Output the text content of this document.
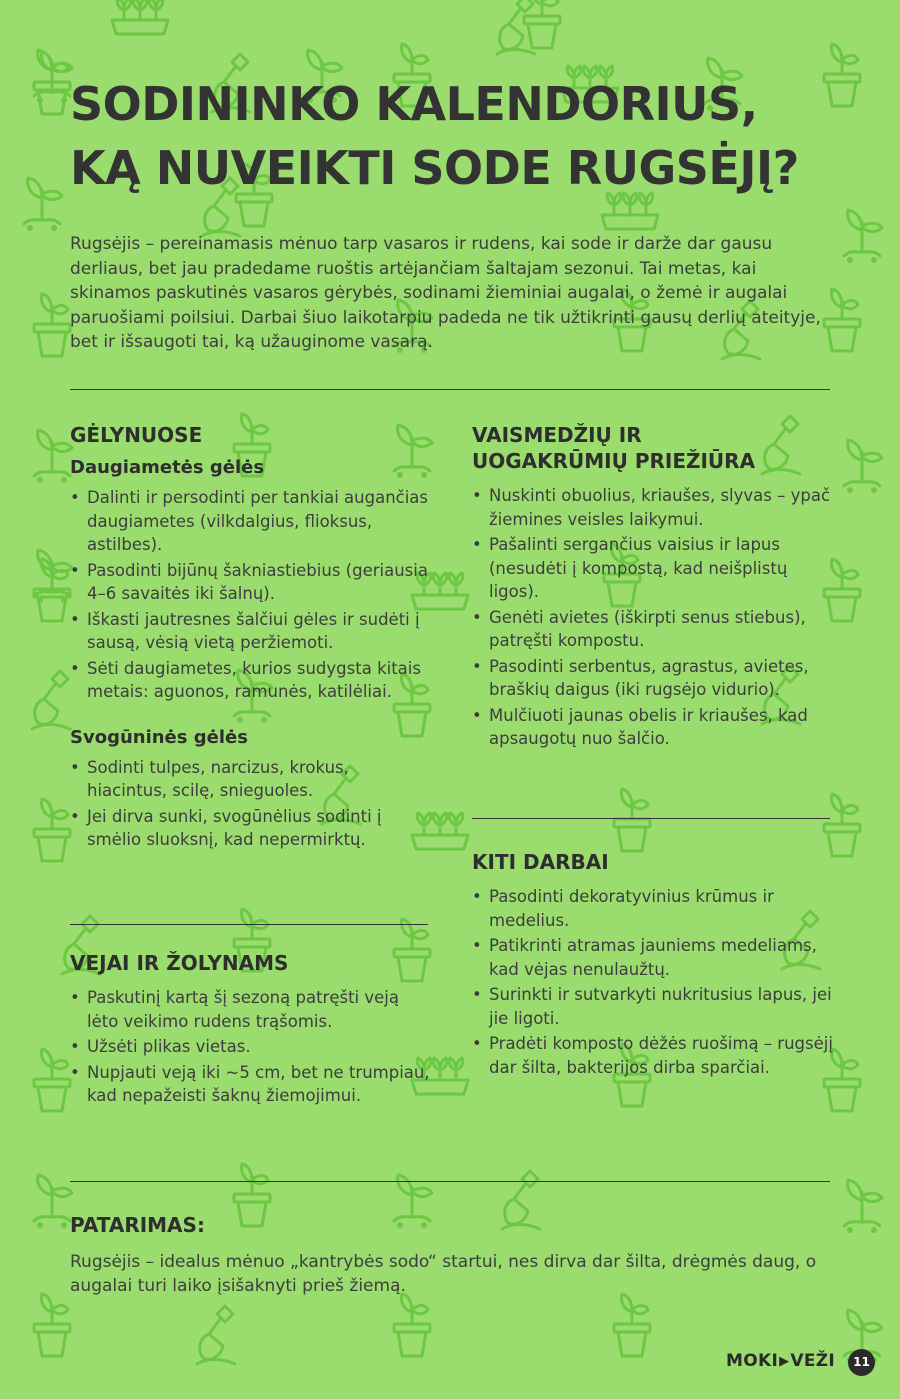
SODININKO KALENDORIUS,
KĄ NUVEIKTI SODE RUGSĖJĮ?

Rugsėjis – pereinamasis mėnuo tarp vasaros ir rudens, kai sode ir darže dar gausu derliaus, bet jau pradedame ruoštis artėjančiam šaltajam sezonui. Tai metas, kai skinamos paskutinės vasaros gėrybės, sodinami žieminiai augalai, o žemė ir augalai paruošiami poilsiui. Darbai šiuo laikotarpiu padeda ne tik užtikrinti gausų derlių ateityje, bet ir išsaugoti tai, ką užauginome vasarą.

GĖLYNUOSE
Daugiametės gėlės
• Dalinti ir persodinti per tankiai augančias daugiametes (vilkdalgius, flioksus, astilbes).
• Pasodinti bijūnų šakniastiebius (geriausia 4–6 savaitės iki šalnų).
• Iškasti jautresnes šalčiui gėles ir sudėti į sausą, vėsią vietą peržiemoti.
• Sėti daugiametes, kurios sudygsta kitais metais: aguonos, ramunės, katilėliai.
Svogūninės gėlės
• Sodinti tulpes, narcizus, krokus, hiacintus, scilę, snieguoles.
• Jei dirva sunki, svogūnėlius sodinti į smėlio sluoksnį, kad nepermirktų.
VEJAI IR ŽOLYNAMS
• Paskutinį kartą šį sezoną patręšti veją lėto veikimo rudens trąšomis.
• Užsėti plikas vietas.
• Nupjauti veją iki ~5 cm, bet ne trumpiau, kad nepažeisti šaknų žiemojimui.
VAISMEDŽIŲ IR
UOGAKRŪMIŲ PRIEŽIŪRA
• Nuskinti obuolius, kriaušes, slyvas – ypač žiemines veisles laikymui.
• Pašalinti sergančius vaisius ir lapus (nesudėti į kompostą, kad neišplistų ligos).
• Genėti avietes (iškirpti senus stiebus), patręšti kompostu.
• Pasodinti serbentus, agrastus, avietes, braškių daigus (iki rugsėjo vidurio).
• Mulčiuoti jaunas obelis ir kriaušes, kad apsaugotų nuo šalčio.
KITI DARBAI
• Pasodinti dekoratyvinius krūmus ir medelius.
• Patikrinti atramas jauniems medeliams, kad vėjas nenulaužtų.
• Surinkti ir sutvarkyti nukritusius lapus, jei jie ligoti.
• Pradėti komposto dėžės ruošimą – rugsėjį dar šilta, bakterijos dirba sparčiai.
PATARIMAS:

Rugsėjis – idealus mėnuo „kantrybės sodo“ startui, nes dirva dar šilta, drėgmės daug, o augalai turi laiko įsišaknyti prieš žiemą.

MOKI▶VEŽI	11
